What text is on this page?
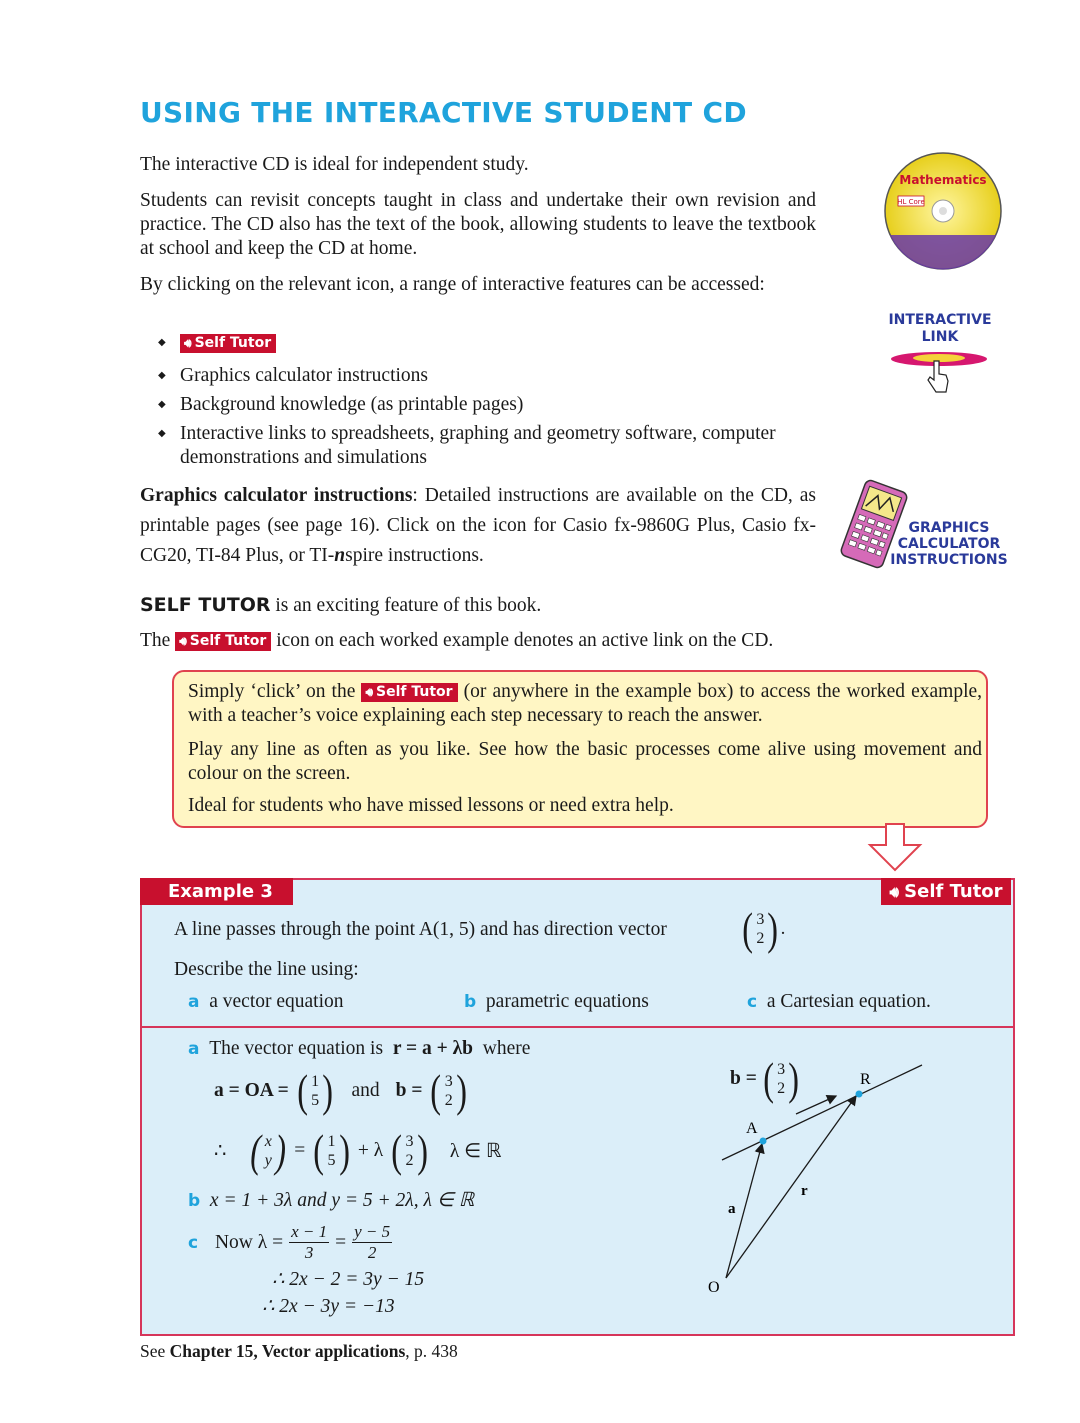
USING THE INTERACTIVE STUDENT CD
The interactive CD is ideal for independent study.
Students can revisit concepts taught in class and undertake their own revision and practice. The CD also has the text of the book, allowing students to leave the textbook at school and keep the CD at home.
By clicking on the relevant icon, a range of interactive features can be accessed:
◆ 🔊︎ Self Tutor
◆ Graphics calculator instructions
◆ Background knowledge (as printable pages)
◆ Interactive links to spreadsheets, graphing and geometry software, computer demonstrations and simulations
Graphics calculator instructions: Detailed instructions are available on the CD, as printable pages (see page 16). Click on the icon for Casio fx-9860G Plus, Casio fx-CG20, TI-84 Plus, or TI-nspire instructions.
SELF TUTOR is an exciting feature of this book.
The 🔊︎ Self Tutor icon on each worked example denotes an active link on the CD.
Mathematics
HL Core
INTERACTIVE
LINK
GRAPHICS
CALCULATOR
INSTRUCTIONS

Simply ‘click’ on the 🔊︎ Self Tutor (or anywhere in the example box) to access the worked example, with a teacher’s voice explaining each step necessary to reach the answer.

Play any line as often as you like. See how the basic processes come alive using movement and colour on the screen.

Ideal for students who have missed lessons or need extra help.

Example 3	🔊︎ Self Tutor
A line passes through the point A(1, 5) and has direction vector ( 3
2 ) .
Describe the line using:
a a vector equation	b parametric equations	c a Cartesian equation.
a The vector equation is r = a + λb where
a = OA = ( 1
5 ) and b = ( 3
2 )
∴ ( x
y ) = ( 1
5 ) + λ ( 3
2 ) λ ∈ ℝ
b x = 1 + 3λ and y = 5 + 2λ, λ ∈ ℝ
c
Now $\lambda = \frac{x - 1}{3} = \frac{y - 5}{2}$
∴ 2x − 2 = 3y − 15
∴ 2x − 3y = −13
b = ( 3
2 )	R
A
O
a
r
See Chapter 15, Vector applications, p. 438
